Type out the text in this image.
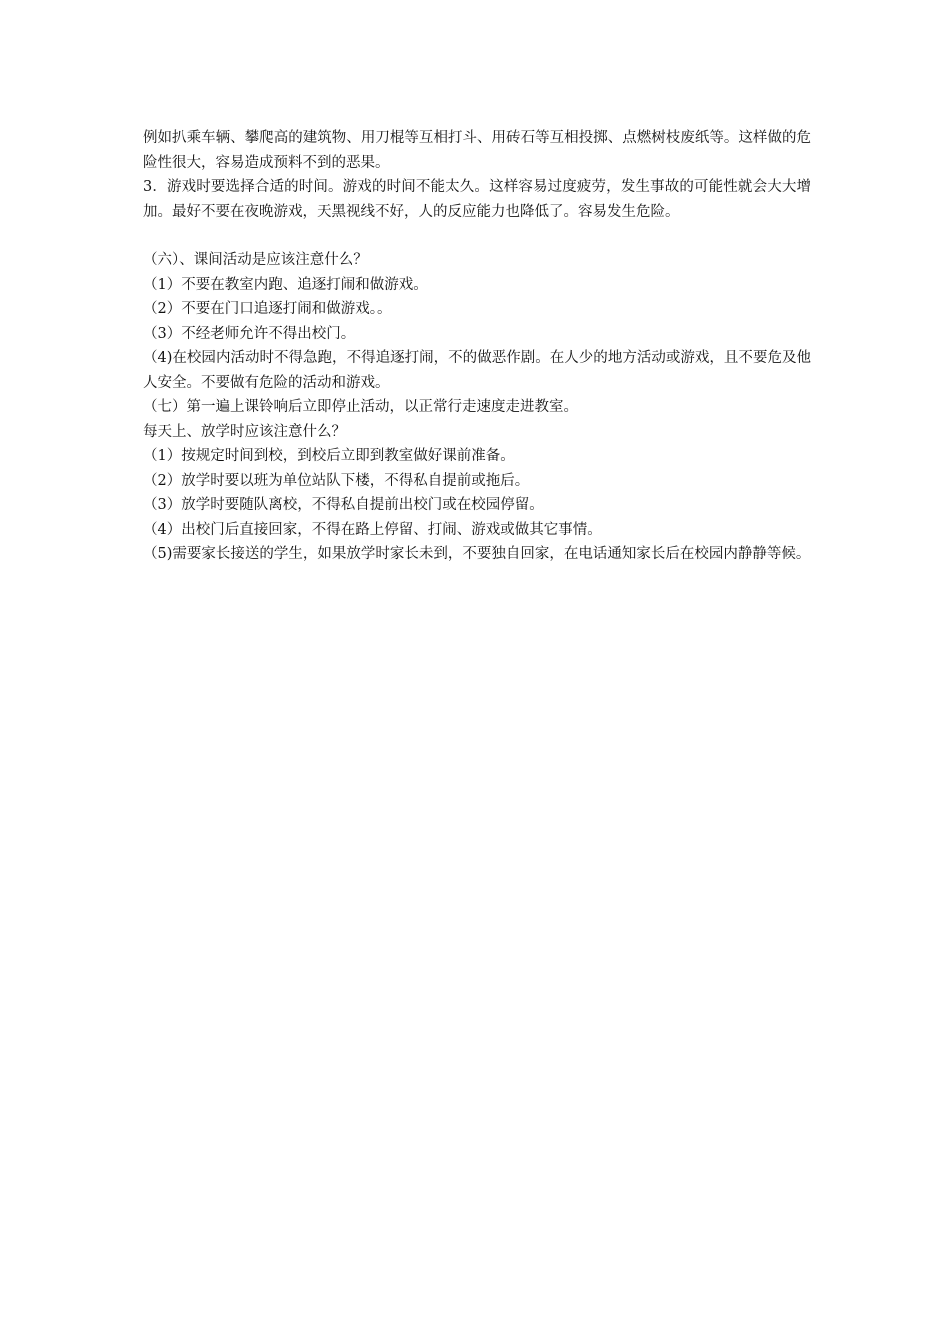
例如扒乘车辆、攀爬高的建筑物、用刀棍等互相打斗、用砖石等互相投掷、点燃树枝废纸等。这样做的危险性很大，容易造成预料不到的恶果。

3．游戏时要选择合适的时间。游戏的时间不能太久。这样容易过度疲劳，发生事故的可能性就会大大增加。最好不要在夜晚游戏，天黑视线不好，人的反应能力也降低了。容易发生危险。

（六）、课间活动是应该注意什么？

（1）不要在教室内跑、追逐打闹和做游戏。

（2）不要在门口追逐打闹和做游戏。。

（3）不经老师允许不得出校门。

（4)在校园内活动时不得急跑，不得追逐打闹，不的做恶作剧。在人少的地方活动或游戏，且不要危及他人安全。不要做有危险的活动和游戏。

（七）第一遍上课铃响后立即停止活动，以正常行走速度走进教室。

每天上、放学时应该注意什么？

（1）按规定时间到校，到校后立即到教室做好课前准备。

（2）放学时要以班为单位站队下楼，不得私自提前或拖后。

（3）放学时要随队离校，不得私自提前出校门或在校园停留。

（4）出校门后直接回家，不得在路上停留、打闹、游戏或做其它事情。

（5)需要家长接送的学生，如果放学时家长未到，不要独自回家，在电话通知家长后在校园内静静等候。
